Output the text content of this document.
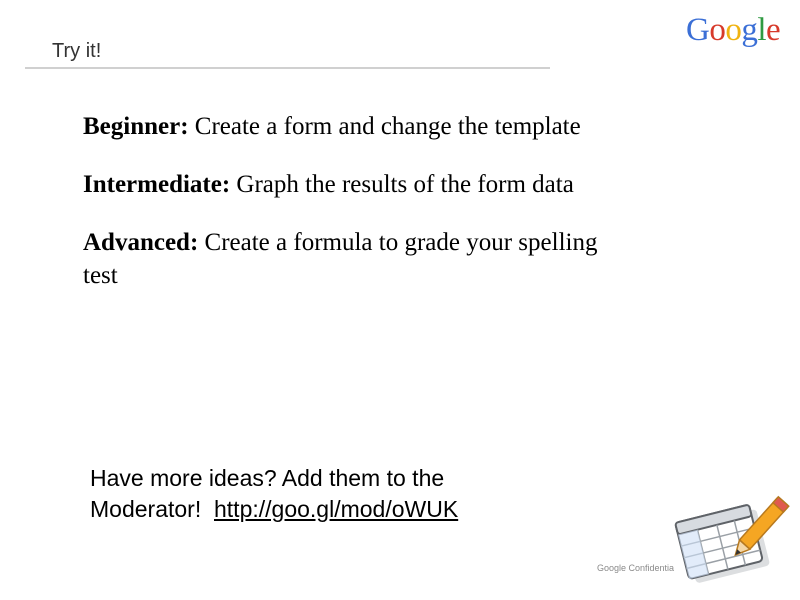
Try it!
Google
Beginner: Create a form and change the template
Intermediate: Graph the results of the form data
Advanced: Create a formula to grade your spelling test
Have more ideas? Add them to the
Moderator!  http://goo.gl/mod/oWUK
Google Confidentia
